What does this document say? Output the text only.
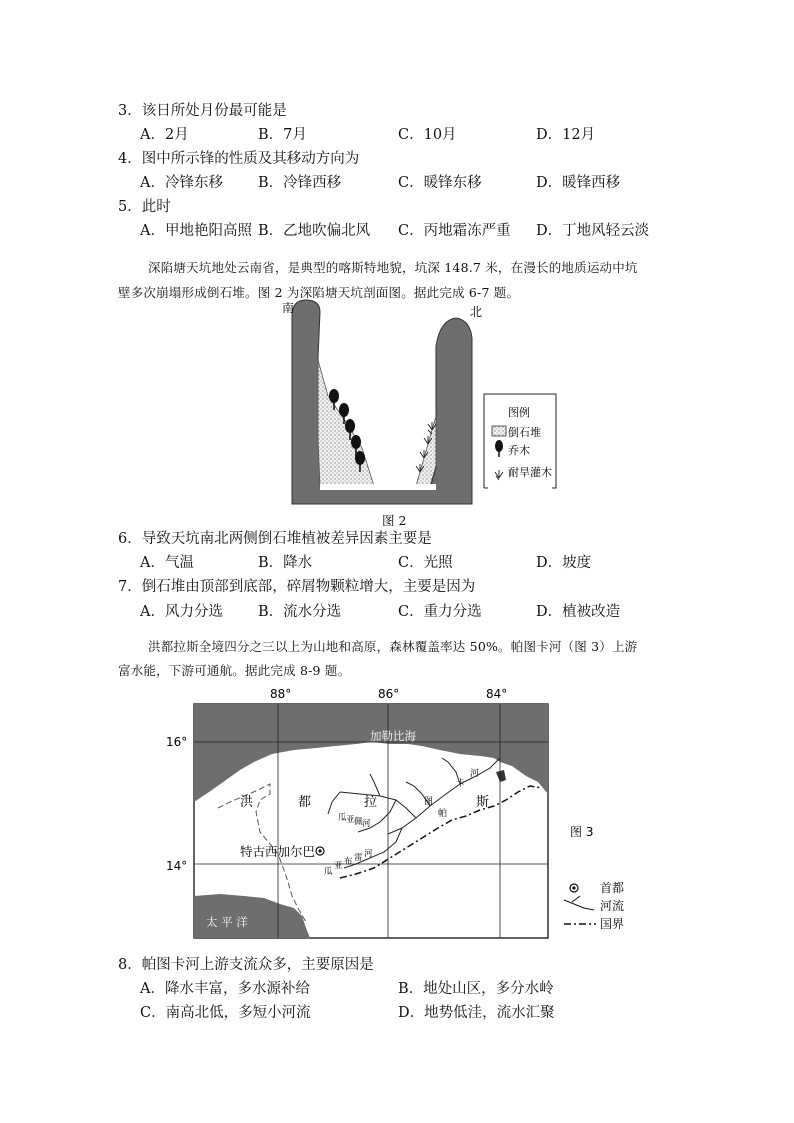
3．该日所处月份最可能是
A．2月	B．7月	C．10月	D．12月
4．图中所示锋的性质及其移动方向为
A．冷锋东移 B．冷锋西移	C．暖锋东移	D．暖锋西移
5．此时
A．甲地艳阳高照 B．乙地吹偏北风 C．丙地霜冻严重 D．丁地风轻云淡
深陷塘天坑地处云南省，是典型的喀斯特地貌，坑深 148.7 米，在漫长的地质运动中坑
壁多次崩塌形成倒石堆。图 2 为深陷塘天坑剖面图。据此完成 6-7 题。
南	北
图例
倒石堆
乔木
耐旱灌木
图 2
6．导致天坑南北两侧倒石堆植被差异因素主要是
A．气温	B．降水	C．光照	D．坡度
7．倒石堆由顶部到底部，碎屑物颗粒增大，主要是因为
A．风力分选 B．流水分选	C．重力分选	D．植被改造
洪都拉斯全境四分之三以上为山地和高原，森林覆盖率达 50%。帕图卡河（图 3）上游
富水能，下游可通航。据此完成 8-9 题。
88°	86°	84°
16°
14°
加勒比海
太 平 洋
洪	都	拉	斯
特古西加尔巴
帕
图
卡
河
瓜 亚 佩 河
瓜
亚 布 雷 河
图 3
首都
河流
国界
8．帕图卡河上游支流众多，主要原因是
A．降水丰富，多水源补给	B．地处山区，多分水岭
C．南高北低，多短小河流	D．地势低洼，流水汇聚
